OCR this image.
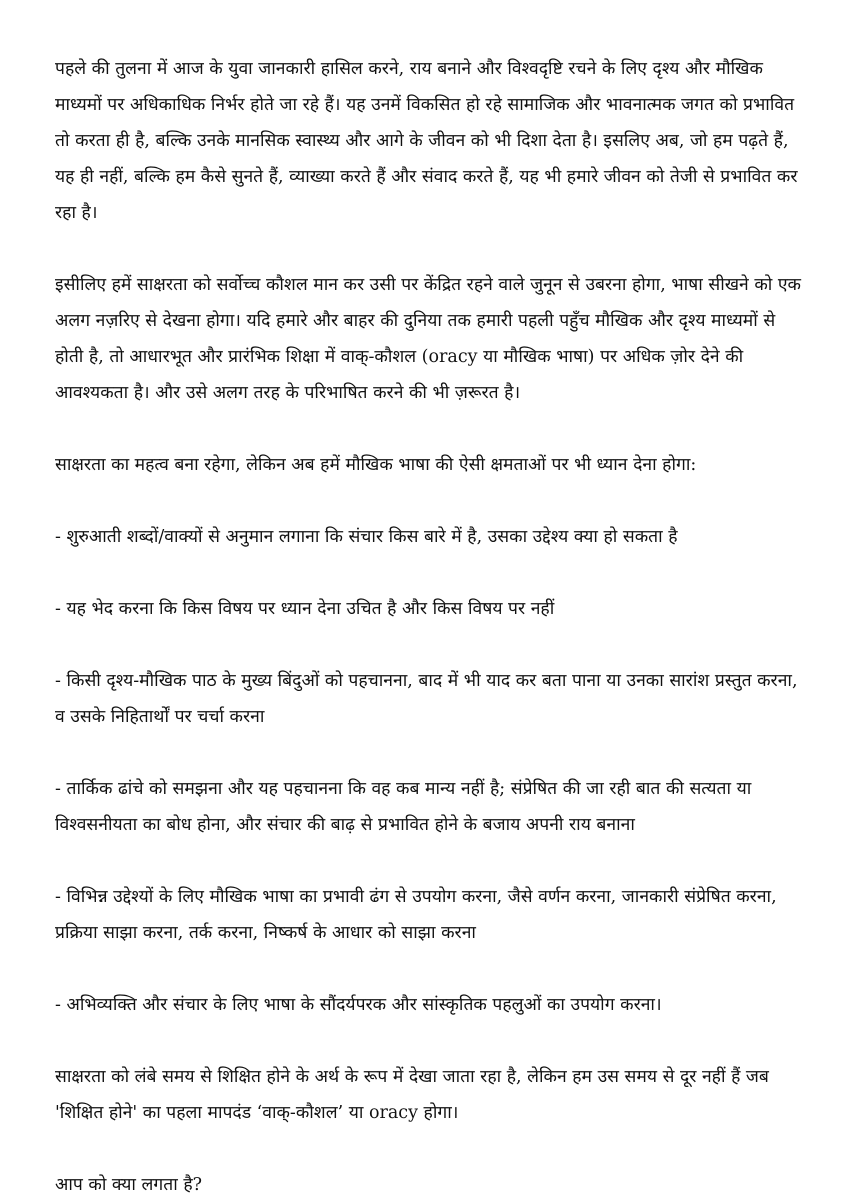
पहले की तुलना में आज के युवा जानकारी हासिल करने, राय बनाने और विश्वदृष्टि रचने के लिए दृश्य और मौखिक माध्यमों पर अधिकाधिक निर्भर होते जा रहे हैं। यह उनमें विकसित हो रहे सामाजिक और भावनात्मक जगत को प्रभावित तो करता ही है, बल्कि उनके मानसिक स्वास्थ्य और आगे के जीवन को भी दिशा देता है। इसलिए अब, जो हम पढ़ते हैं, यह ही नहीं, बल्कि हम कैसे सुनते हैं, व्याख्या करते हैं और संवाद करते हैं, यह भी हमारे जीवन को तेजी से प्रभावित कर रहा है।

इसीलिए हमें साक्षरता को सर्वोच्च कौशल मान कर उसी पर केंद्रित रहने वाले जुनून से उबरना होगा, भाषा सीखने को एक अलग नज़रिए से देखना होगा। यदि हमारे और बाहर की दुनिया तक हमारी पहली पहुँच मौखिक और दृश्य माध्यमों से होती है, तो आधारभूत और प्रारंभिक शिक्षा में वाक्-कौशल (oracy या मौखिक भाषा) पर अधिक ज़ोर देने की आवश्यकता है। और उसे अलग तरह के परिभाषित करने की भी ज़रूरत है।

साक्षरता का महत्व बना रहेगा, लेकिन अब हमें मौखिक भाषा की ऐसी क्षमताओं पर भी ध्यान देना होगा:

- शुरुआती शब्दों/वाक्यों से अनुमान लगाना कि संचार किस बारे में है, उसका उद्देश्य क्या हो सकता है

- यह भेद करना कि किस विषय पर ध्यान देना उचित है और किस विषय पर नहीं

- किसी दृश्य-मौखिक पाठ के मुख्य बिंदुओं को पहचानना, बाद में भी याद कर बता पाना या उनका सारांश प्रस्तुत करना, व उसके निहितार्थों पर चर्चा करना

- तार्किक ढांचे को समझना और यह पहचानना कि वह कब मान्य नहीं है; संप्रेषित की जा रही बात की सत्यता या विश्वसनीयता का बोध होना, और संचार की बाढ़ से प्रभावित होने के बजाय अपनी राय बनाना

- विभिन्न उद्देश्यों के लिए मौखिक भाषा का प्रभावी ढंग से उपयोग करना, जैसे वर्णन करना, जानकारी संप्रेषित करना, प्रक्रिया साझा करना, तर्क करना, निष्कर्ष के आधार को साझा करना

- अभिव्यक्ति और संचार के लिए भाषा के सौंदर्यपरक और सांस्कृतिक पहलुओं का उपयोग करना।

साक्षरता को लंबे समय से शिक्षित होने के अर्थ के रूप में देखा जाता रहा है, लेकिन हम उस समय से दूर नहीं हैं जब 'शिक्षित होने' का पहला मापदंड ‘वाक्-कौशल’ या oracy होगा।

आप को क्या लगता है?
